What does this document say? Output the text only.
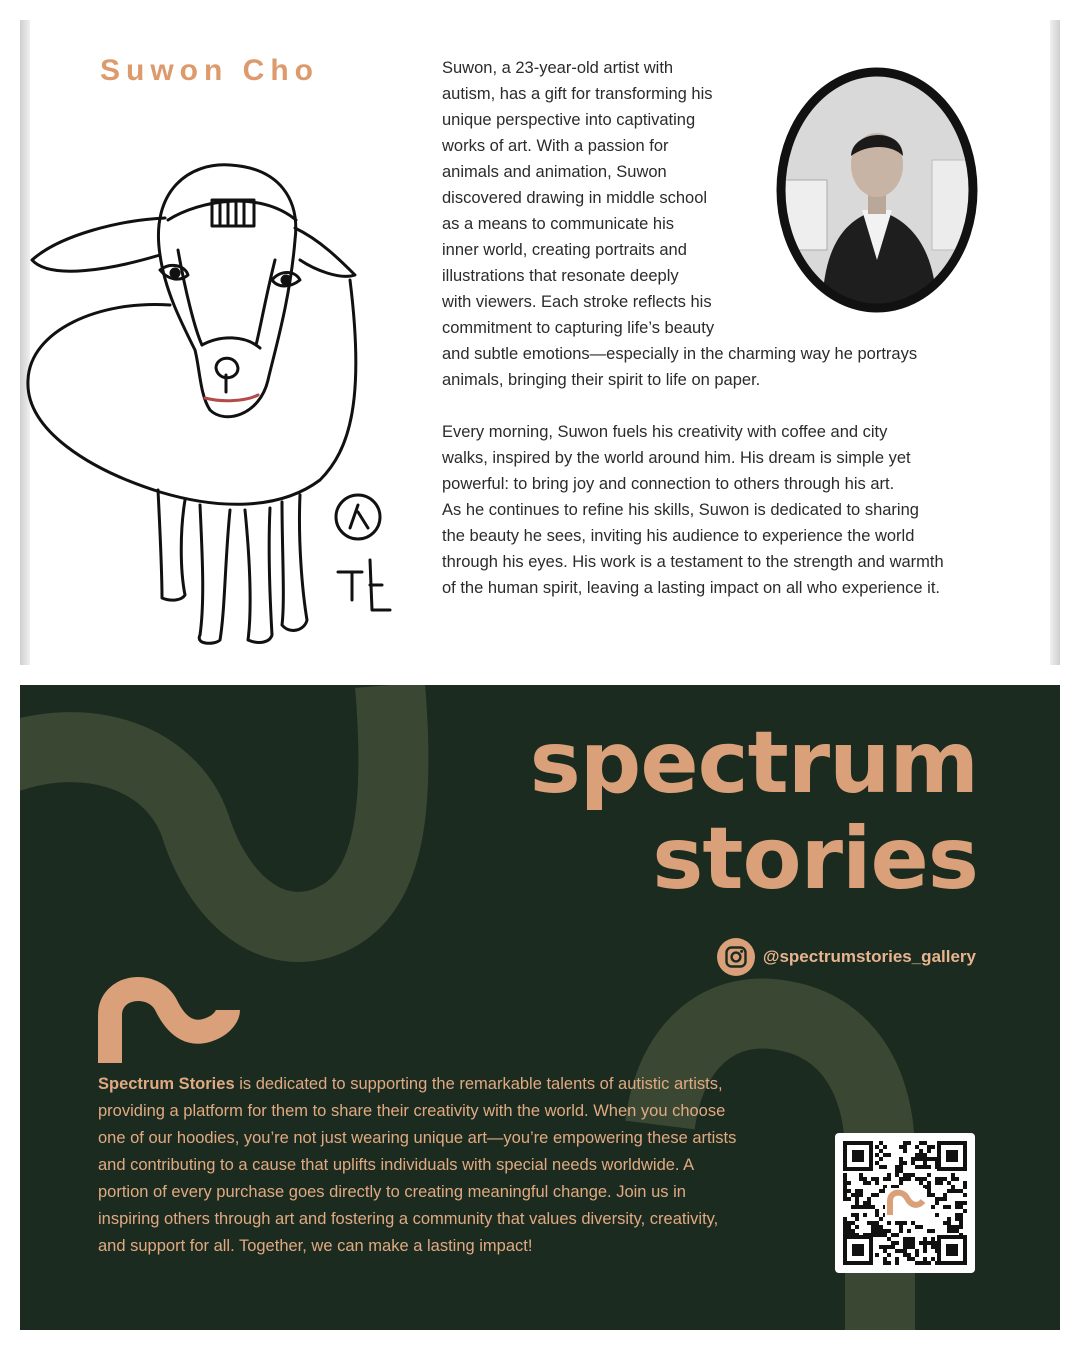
Suwon Cho	Suwon, a 23-year-old artist with
autism, has a gift for transforming his
unique perspective into captivating
works of art. With a passion for
animals and animation, Suwon
discovered drawing in middle school
as a means to communicate his
inner world, creating portraits and
illustrations that resonate deeply
with viewers. Each stroke reflects his
commitment to capturing life’s beauty
and subtle emotions—especially in the charming way he portrays
animals, bringing their spirit to life on paper.

Every morning, Suwon fuels his creativity with coffee and city
walks, inspired by the world around him. His dream is simple yet
powerful: to bring joy and connection to others through his art.
As he continues to refine his skills, Suwon is dedicated to sharing
the beauty he sees, inviting his audience to experience the world
through his eyes. His work is a testament to the strength and warmth
of the human spirit, leaving a lasting impact on all who experience it.

spectrum
stories
@spectrumstories_gallery
Spectrum Stories is dedicated to supporting the remarkable talents of autistic artists, providing a platform for them to share their creativity with the world. When you choose one of our hoodies, you’re not just wearing unique art—you’re empowering these artists and contributing to a cause that uplifts individuals with special needs worldwide. A portion of every purchase goes directly to creating meaningful change. Join us in inspiring others through art and fostering a community that values diversity, creativity, and support for all. Together, we can make a lasting impact!
